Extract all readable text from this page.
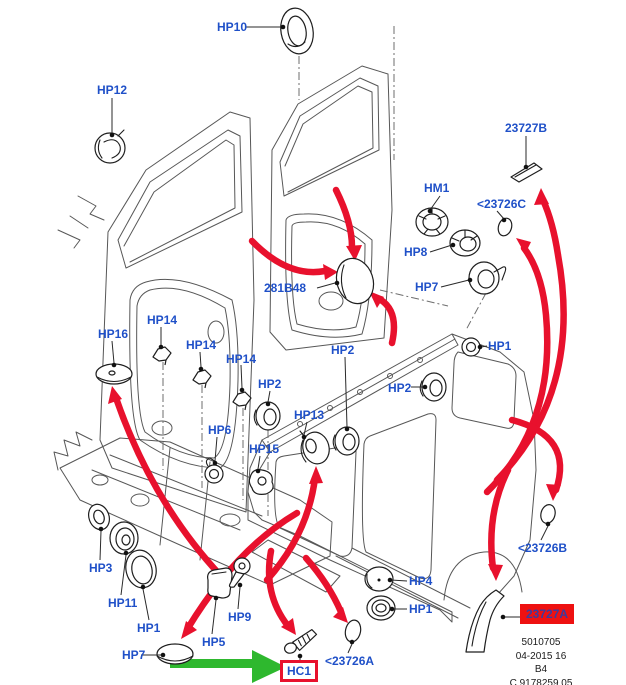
HP10
HP12
23727B
HM1
<23726C
HP8
HP7
281B48
HP14
HP16
HP14	HP2	HP1
HP14
HP2	HP2
HP13
HP6
HP15
HP3
HP11
HP1
HP7
HP5
HP9
HC1
<23726A
HP4
HP1
<23726B
23727A
5010705
04-2015 16
B4
C 9178259 05
